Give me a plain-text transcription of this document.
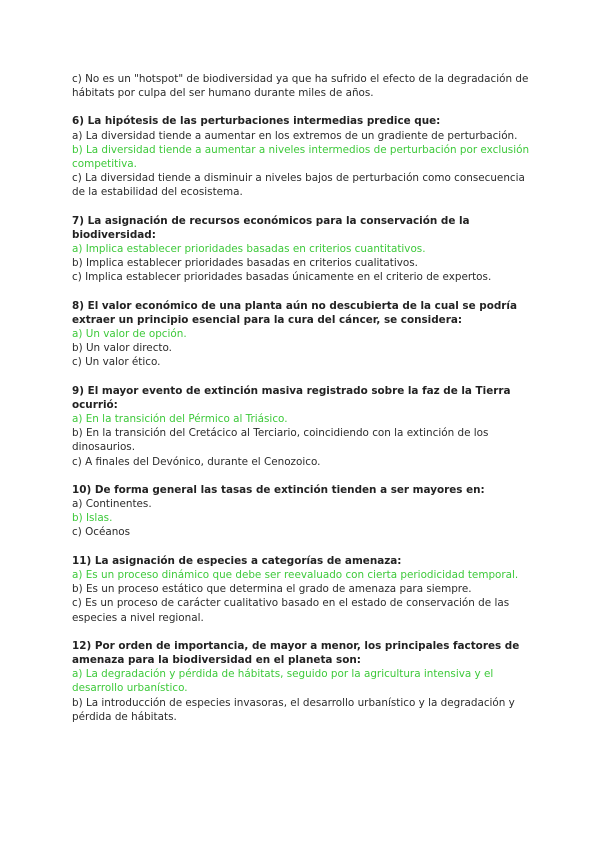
c) No es un "hotspot" de biodiversidad ya que ha sufrido el efecto de la degradación de hábitats por culpa del ser humano durante miles de años.

6) La hipótesis de las perturbaciones intermedias predice que:

a) La diversidad tiende a aumentar en los extremos de un gradiente de perturbación.

b) La diversidad tiende a aumentar a niveles intermedios de perturbación por exclusión competitiva.

c) La diversidad tiende a disminuir a niveles bajos de perturbación como consecuencia de la estabilidad del ecosistema.

7) La asignación de recursos económicos para la conservación de la biodiversidad:

a) Implica establecer prioridades basadas en criterios cuantitativos.

b) Implica establecer prioridades basadas en criterios cualitativos.

c) Implica establecer prioridades basadas únicamente en el criterio de expertos.

8) El valor económico de una planta aún no descubierta de la cual se podría extraer un principio esencial para la cura del cáncer, se considera:

a) Un valor de opción.

b) Un valor directo.

c) Un valor ético.

9) El mayor evento de extinción masiva registrado sobre la faz de la Tierra ocurrió:

a) En la transición del Pérmico al Triásico.

b) En la transición del Cretácico al Terciario, coincidiendo con la extinción de los dinosaurios.

c) A finales del Devónico, durante el Cenozoico.

10) De forma general las tasas de extinción tienden a ser mayores en:

a) Continentes.

b) Islas.

c) Océanos

11) La asignación de especies a categorías de amenaza:

a) Es un proceso dinámico que debe ser reevaluado con cierta periodicidad temporal.

b) Es un proceso estático que determina el grado de amenaza para siempre.

c) Es un proceso de carácter cualitativo basado en el estado de conservación de las especies a nivel regional.

12) Por orden de importancia, de mayor a menor, los principales factores de amenaza para la biodiversidad en el planeta son:

a) La degradación y pérdida de hábitats, seguido por la agricultura intensiva y el desarrollo urbanístico.

b) La introducción de especies invasoras, el desarrollo urbanístico y la degradación y pérdida de hábitats.
